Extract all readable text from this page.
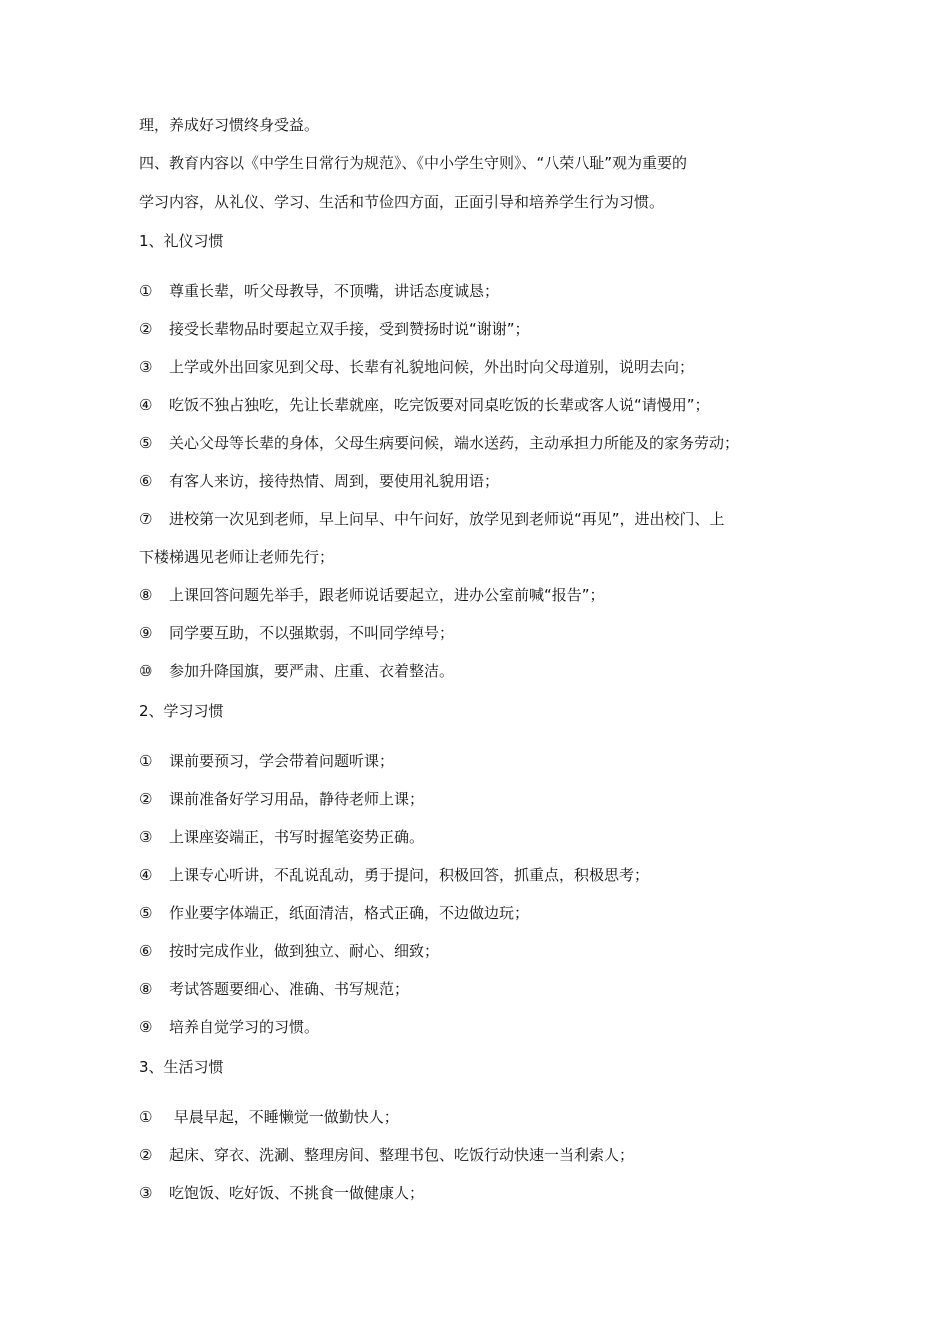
理，养成好习惯终身受益。

四、教育内容以《中学生日常行为规范》、《中小学生守则》、“八荣八耻”观为重要的

学习内容，从礼仪、学习、生活和节俭四方面，正面引导和培养学生行为习惯。

1、礼仪习惯

① 尊重长辈，听父母教导，不顶嘴，讲话态度诚恳；

② 接受长辈物品时要起立双手接，受到赞扬时说“谢谢”；

③ 上学或外出回家见到父母、长辈有礼貌地问候，外出时向父母道别，说明去向；

④ 吃饭不独占独吃，先让长辈就座，吃完饭要对同桌吃饭的长辈或客人说“请慢用”；

⑤ 关心父母等长辈的身体，父母生病要问候，端水送药，主动承担力所能及的家务劳动；

⑥ 有客人来访，接待热情、周到，要使用礼貌用语；

⑦ 进校第一次见到老师，早上问早、中午问好，放学见到老师说“再见”，进出校门、上

下楼梯遇见老师让老师先行；

⑧ 上课回答问题先举手，跟老师说话要起立，进办公室前喊“报告”；

⑨ 同学要互助，不以强欺弱，不叫同学绰号；

⑩ 参加升降国旗，要严肃、庄重、衣着整洁。

2、学习习惯

① 课前要预习，学会带着问题听课；

② 课前准备好学习用品，静待老师上课；

③ 上课座姿端正，书写时握笔姿势正确。

④ 上课专心听讲，不乱说乱动，勇于提问，积极回答，抓重点，积极思考；

⑤ 作业要字体端正，纸面清洁，格式正确，不边做边玩；

⑥ 按时完成作业，做到独立、耐心、细致；

⑧ 考试答题要细心、准确、书写规范；

⑨ 培养自觉学习的习惯。

3、生活习惯

① 早晨早起，不睡懒觉一做勤快人；

② 起床、穿衣、洗涮、整理房间、整理书包、吃饭行动快速一当利索人；

③ 吃饱饭、吃好饭、不挑食一做健康人；
